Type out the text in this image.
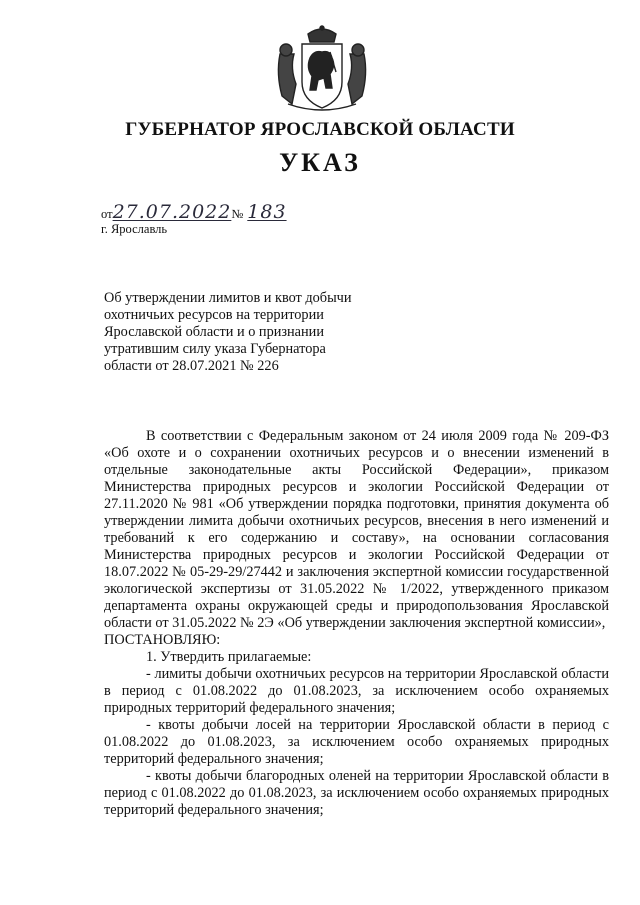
ГУБЕРНАТОР ЯРОСЛАВСКОЙ ОБЛАСТИ
УКАЗ
от27.07.2022№ 183
г. Ярославль
Об утверждении лимитов и квот добычи охотничьих ресурсов на территории Ярославской области и о признании утратившим силу указа Губернатора области от 28.07.2021 № 226

В соответствии с Федеральным законом от 24 июля 2009 года № 209-ФЗ «Об охоте и о сохранении охотничьих ресурсов и о внесении изменений в отдельные законодательные акты Российской Федерации», приказом Министерства природных ресурсов и экологии Российской Федерации от 27.11.2020 № 981 «Об утверждении порядка подготовки, принятия документа об утверждении лимита добычи охотничьих ресурсов, внесения в него изменений и требований к его содержанию и составу», на основании согласования Министерства природных ресурсов и экологии Российской Федерации от 18.07.2022 № 05-29-29/27442 и заключения экспертной комиссии государственной экологической экспертизы от 31.05.2022 № 1/2022, утвержденного приказом департамента охраны окружающей среды и природопользования Ярославской области от 31.05.2022 № 2Э «Об утверждении заключения экспертной комиссии»,

ПОСТАНОВЛЯЮ:

1. Утвердить прилагаемые:

- лимиты добычи охотничьих ресурсов на территории Ярославской области в период с 01.08.2022 до 01.08.2023, за исключением особо охраняемых природных территорий федерального значения;

- квоты добычи лосей на территории Ярославской области в период с 01.08.2022 до 01.08.2023, за исключением особо охраняемых природных территорий федерального значения;

- квоты добычи благородных оленей на территории Ярославской области в период с 01.08.2022 до 01.08.2023, за исключением особо охраняемых природных территорий федерального значения;
